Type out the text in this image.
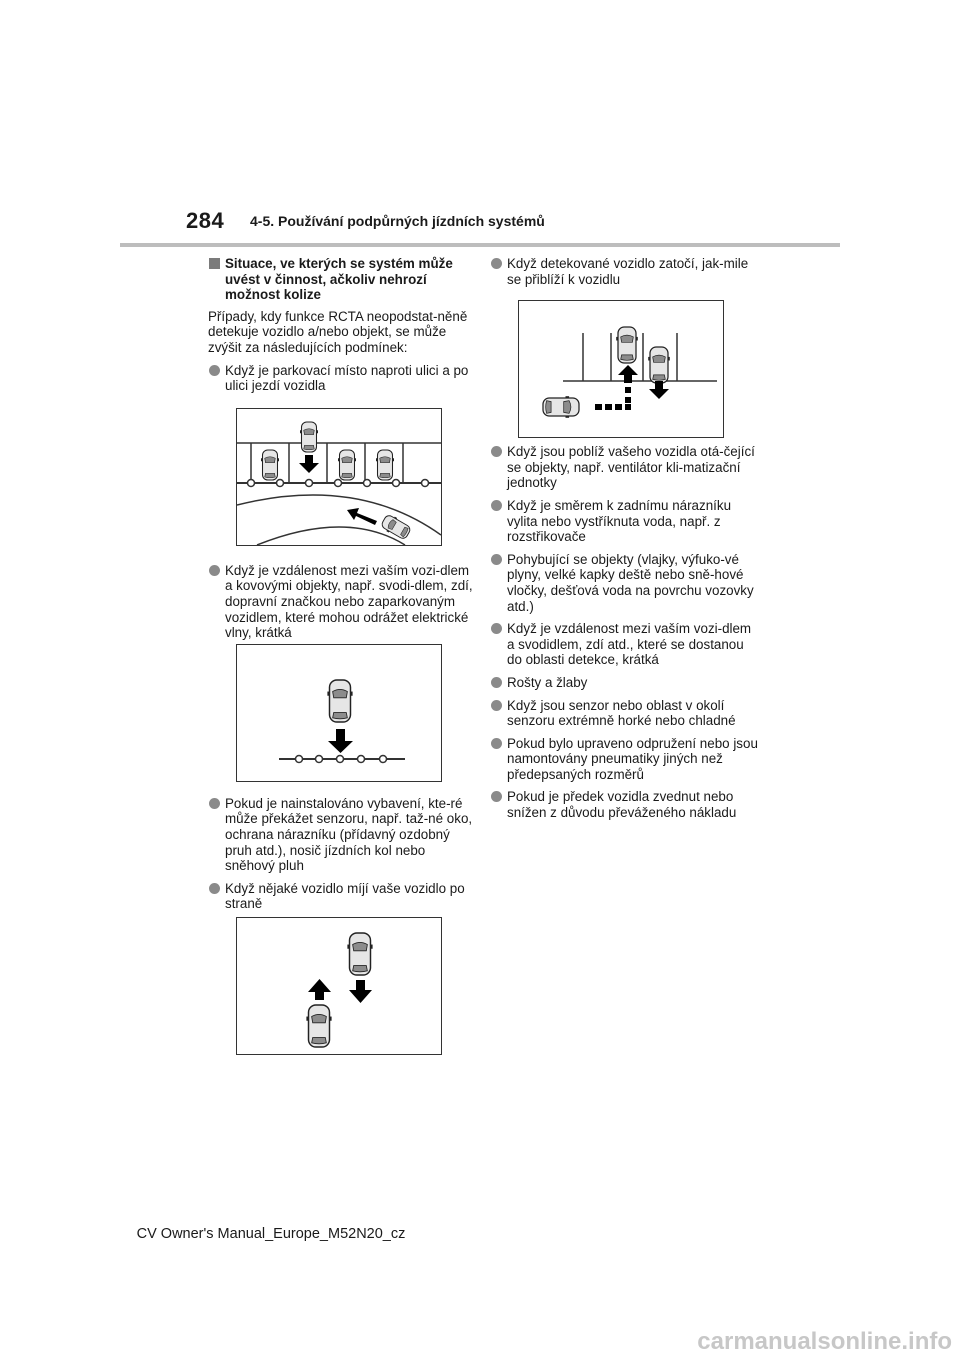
284 4-5. Používání podpůrných jízdních systémů
Situace, ve kterých se systém může uvést v činnost, ačkoliv nehrozí možnost kolize

Případy, kdy funkce RCTA neopodstat-něně detekuje vozidlo a/nebo objekt, se může zvýšit za následujících podmínek:

Když je parkovací místo naproti ulici a po ulici jezdí vozidla
Když je vzdálenost mezi vaším vozi-dlem a kovovými objekty, např. svodi-dlem, zdí, dopravní značkou nebo zaparkovaným vozidlem, které mohou odrážet elektrické vlny, krátká
Pokud je nainstalováno vybavení, kte-ré může překážet senzoru, např. taž-né oko, ochrana nárazníku (přídavný ozdobný pruh atd.), nosič jízdních kol nebo sněhový pluh
Když nějaké vozidlo míjí vaše vozidlo po straně
Když detekované vozidlo zatočí, jak-mile se přiblíží k vozidlu
Když jsou poblíž vašeho vozidla otá-čející se objekty, např. ventilátor kli-matizační jednotky
Když je směrem k zadnímu nárazníku vylita nebo vystříknuta voda, např. z rozstřikovače
Pohybující se objekty (vlajky, výfuko-vé plyny, velké kapky deště nebo sně-hové vločky, dešťová voda na povrchu vozovky atd.)
Když je vzdálenost mezi vaším vozi-dlem a svodidlem, zdí atd., které se dostanou do oblasti detekce, krátká
Rošty a žlaby
Když jsou senzor nebo oblast v okolí senzoru extrémně horké nebo chladné
Pokud bylo upraveno odpružení nebo jsou namontovány pneumatiky jiných než předepsaných rozměrů
Pokud je předek vozidla zvednut nebo snížen z důvodu převáženého nákladu
CV Owner's Manual_Europe_M52N20_cz
carmanualsonline.info
